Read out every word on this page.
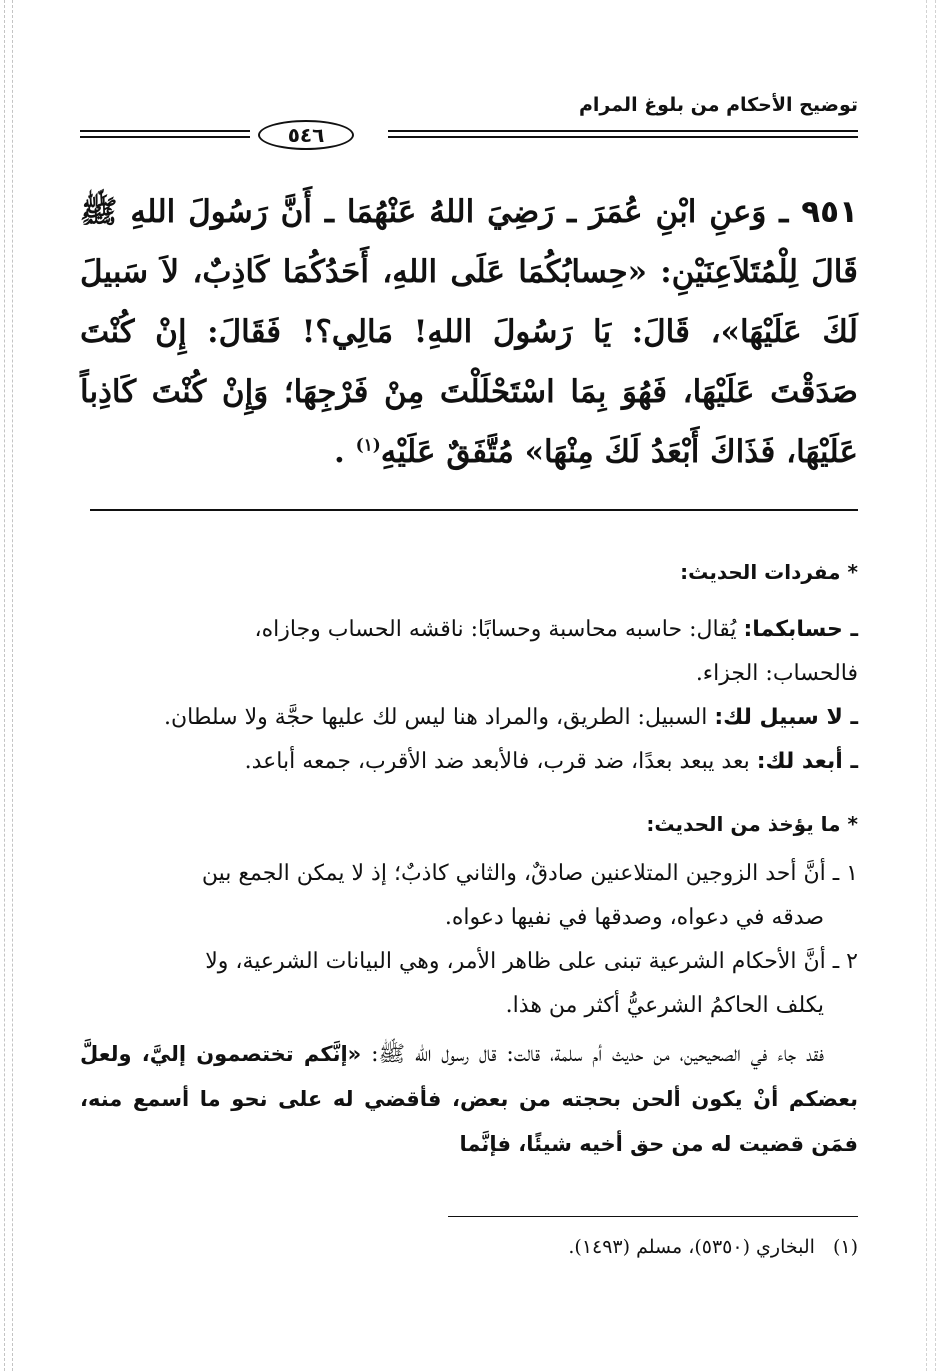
توضيح الأحكام من بلوغ المرام
٥٤٦
٩٥١ ـ وَعنِ ابْنِ عُمَرَ ـ رَضِيَ اللهُ عَنْهُمَا ـ أَنَّ رَسُولَ اللهِ ﷺ قَالَ لِلْمُتَلاَعِنَيْنِ: «حِسابُكُمَا عَلَى اللهِ، أَحَدُكُمَا كَاذِبٌ، لاَ سَبيلَ لَكَ عَلَيْهَا»، قَالَ: يَا رَسُولَ اللهِ! مَالِي؟! فَقَالَ: إِنْ كُنْتَ صَدَقْتَ عَلَيْهَا، فَهُوَ بِمَا اسْتَحْلَلْتَ مِنْ فَرْجِهَا؛ وَإِنْ كُنْتَ كَاذِباً عَلَيْهَا، فَذَاكَ أَبْعَدُ لَكَ مِنْهَا» مُتَّفَقٌ عَلَيْهِ$^{(١)}$ .
* مفردات الحديث:
ـ حسابكما: يُقال: حاسبه محاسبة وحسابًا: ناقشه الحساب وجازاه،
فالحساب: الجزاء.
ـ لا سبيل لك: السبيل: الطريق، والمراد هنا ليس لك عليها حجَّة ولا سلطان.
ـ أبعد لك: بعد يبعد بعدًا، ضد قرب، فالأبعد ضد الأقرب، جمعه أباعد.
* ما يؤخذ من الحديث:
١ ـ أنَّ أحد الزوجين المتلاعنين صادقٌ، والثاني كاذبٌ؛ إذ لا يمكن الجمع بين
صدقه في دعواه، وصدقها في نفيها دعواه.
٢ ـ أنَّ الأحكام الشرعية تبنى على ظاهر الأمر، وهي البيانات الشرعية، ولا
يكلف الحاكمُ الشرعيُّ أكثر من هذا.
فقد جاء في الصحيحين، من حديث أم سلمة، قالت: قال رسول الله ﷺ: «إنَّكم تختصمون إليَّ، ولعلَّ بعضكم أنْ يكون ألحن بحجته من بعض، فأقضي له على نحو ما أسمع منه، فمَن قضيت له من حق أخيه شيئًا، فإنَّما
(١)البخاري (٥٣٥٠)، مسلم (١٤٩٣).
